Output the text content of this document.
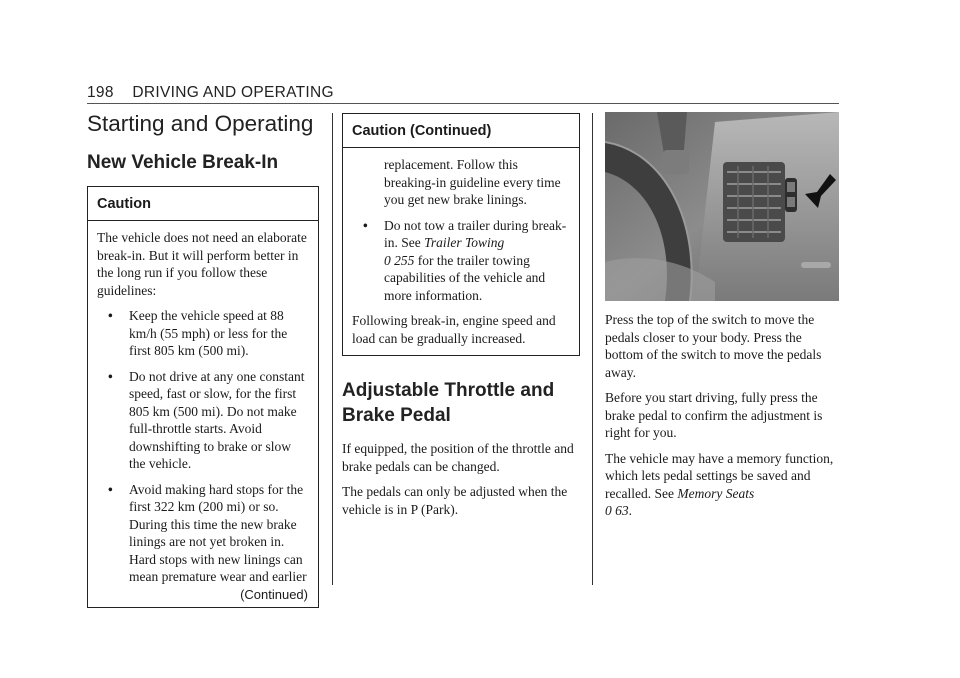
198 DRIVING AND OPERATING
Starting and Operating
New Vehicle Break-In
Caution

The vehicle does not need an elaborate break-in. But it will perform better in the long run if you follow these guidelines:

• Keep the vehicle speed at 88 km/h (55 mph) or less for the first 805 km (500 mi).
• Do not drive at any one constant speed, fast or slow, for the first 805 km (500 mi). Do not make full-throttle starts. Avoid downshifting to brake or slow the vehicle.
• Avoid making hard stops for the first 322 km (200 mi) or so. During this time the new brake linings are not yet broken in. Hard stops with new linings can mean premature wear and earlier
(Continued)
Caution (Continued)
replacement. Follow this breaking-in guideline every time you get new brake linings.
• Do not tow a trailer during break-in. See Trailer Towing
0 255 for the trailer towing capabilities of the vehicle and more information.

Following break-in, engine speed and load can be gradually increased.

Adjustable Throttle and Brake Pedal

If equipped, the position of the throttle and brake pedals can be changed.

The pedals can only be adjusted when the vehicle is in P (Park).

Press the top of the switch to move the pedals closer to your body. Press the bottom of the switch to move the pedals away.

Before you start driving, fully press the brake pedal to confirm the adjustment is right for you.

The vehicle may have a memory function, which lets pedal settings be saved and recalled. See Memory Seats
0 63.
